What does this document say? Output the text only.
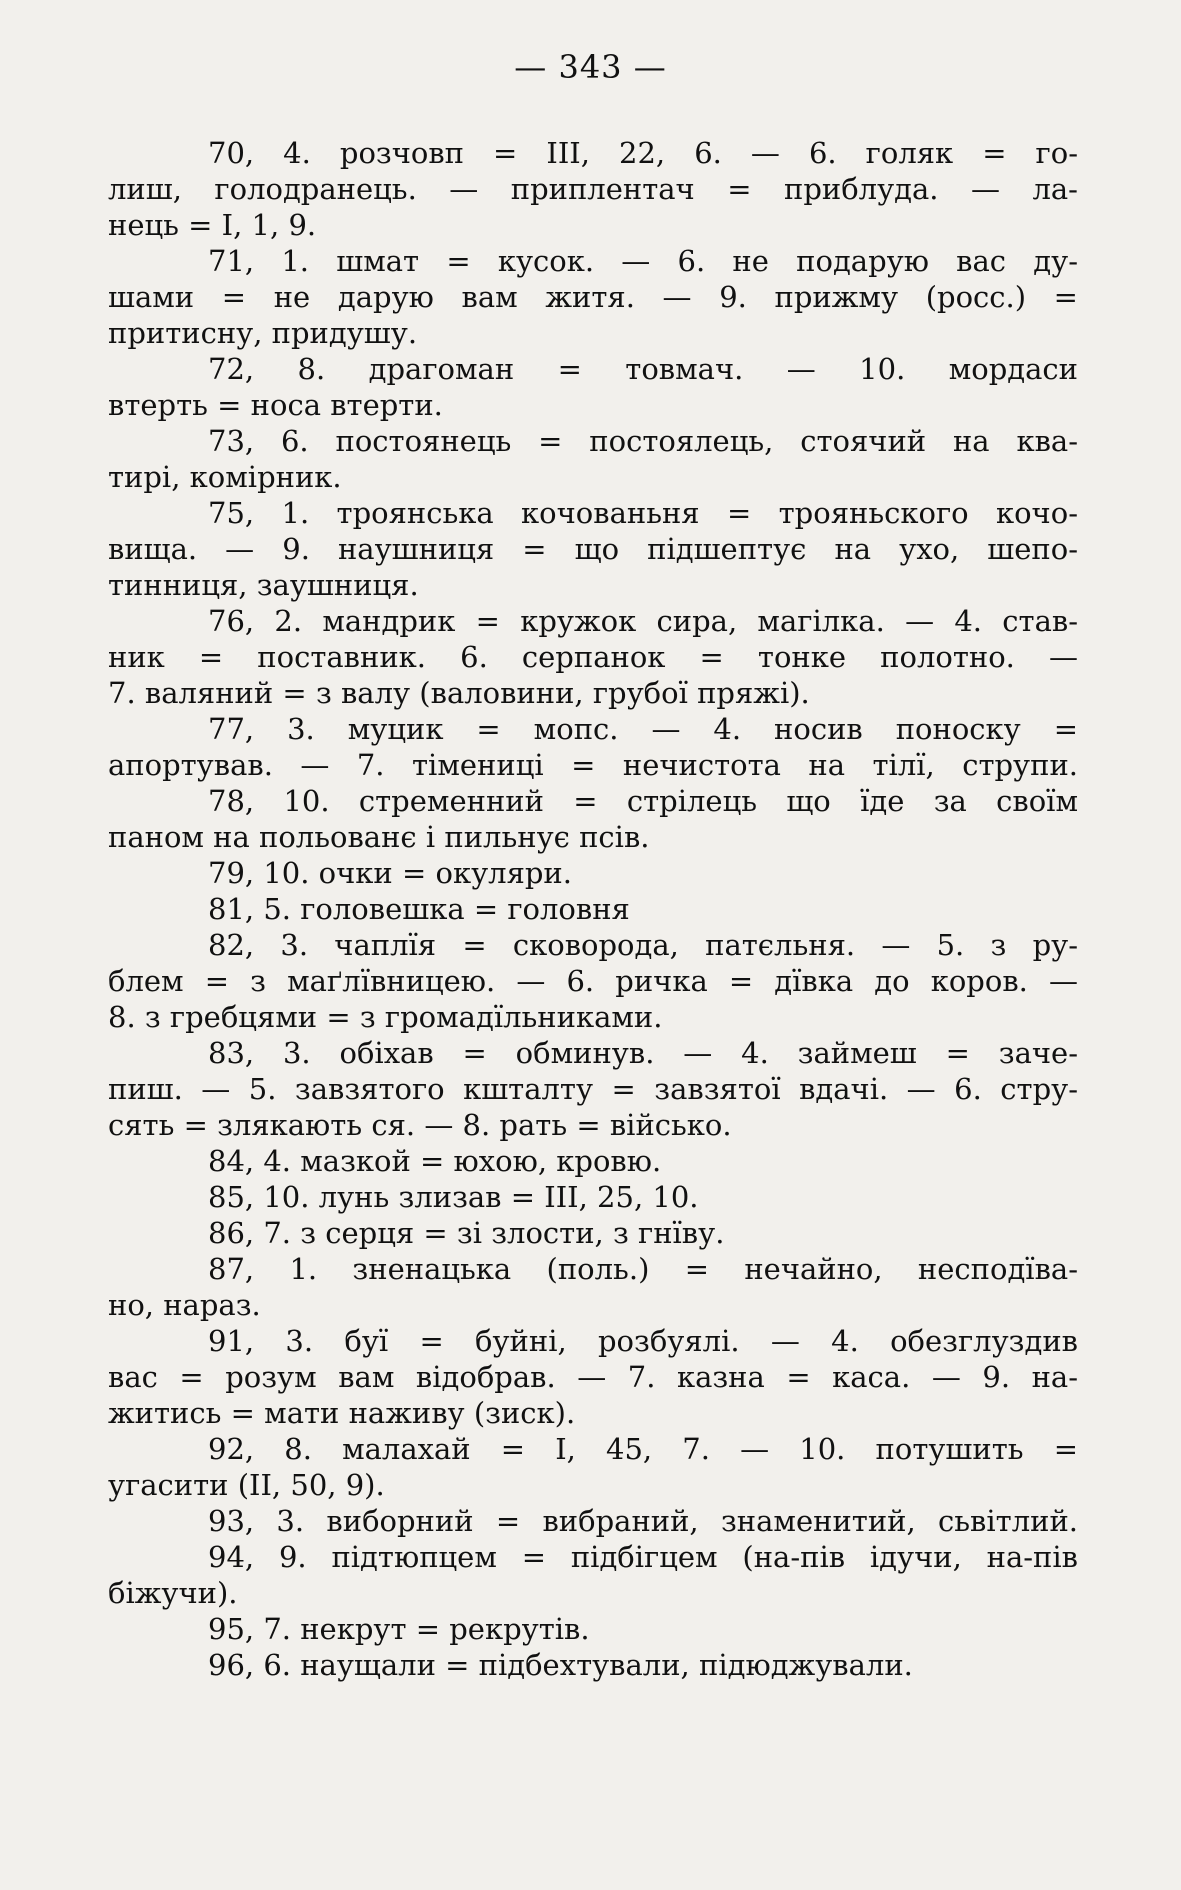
— 343 —
70, 4. розчовп = III, 22, 6. — 6. голяк = го-
лиш, голодранець. — приплентач = приблуда. — ла-
нець = I, 1, 9.
71, 1. шмат = кусок. — 6. не подарую вас ду-
шами = не дарую вам житя. — 9. прижму (росс.) =
притисну, придушу.
72, 8. драгоман = товмач. — 10. мордаси
втерть = носа втерти.
73, 6. постоянець = постоялець, стоячий на ква-
тирі, комірник.
75, 1. троянська кочованьня = трояньского кочо-
вища. — 9. наушниця = що підшептує на ухо, шепо-
тинниця, заушниця.
76, 2. мандрик = кружок сира, магілка. — 4. став-
ник = поставник. 6. серпанок = тонке полотно. —
7. валяний = з валу (валовини, грубої пряжі).
77, 3. муцик = мопс. — 4. носив поноску =
апортував. — 7. тімениці = нечистота на тілї, струпи.
78, 10. стременний = стрілець що їде за своїм
паном на польованє і пильнує псів.
79, 10. очки = окуляри.
81, 5. головешка = головня
82, 3. чаплїя = сковорода, патєльня. — 5. з ру-
блем = з маґлївницею. — 6. ричка = дївка до коров. —
8. з гребцями = з громадїльниками.
83, 3. обіхав = обминув. — 4. займеш = заче-
пиш. — 5. завзятого кшталту = завзятої вдачі. — 6. стру-
сять = злякають ся. — 8. рать = військо.
84, 4. мазкой = юхою, кровю.
85, 10. лунь злизав = III, 25, 10.
86, 7. з серця = зі злости, з гнїву.
87, 1. зненацька (поль.) = нечайно, несподїва-
но, нараз.
91, 3. буї = буйні, розбуялі. — 4. обезглуздив
вас = розум вам відобрав. — 7. казна = каса. — 9. на-
житись = мати наживу (зиск).
92, 8. малахай = I, 45, 7. — 10. потушить =
угасити (II, 50, 9).
93, 3. виборний = вибраний, знаменитий, сьвітлий.
94, 9. підтюпцем = підбігцем (на-пів ідучи, на-пів
біжучи).
95, 7. некрут = рекрутів.
96, 6. наущали = підбехтували, підюджували.
